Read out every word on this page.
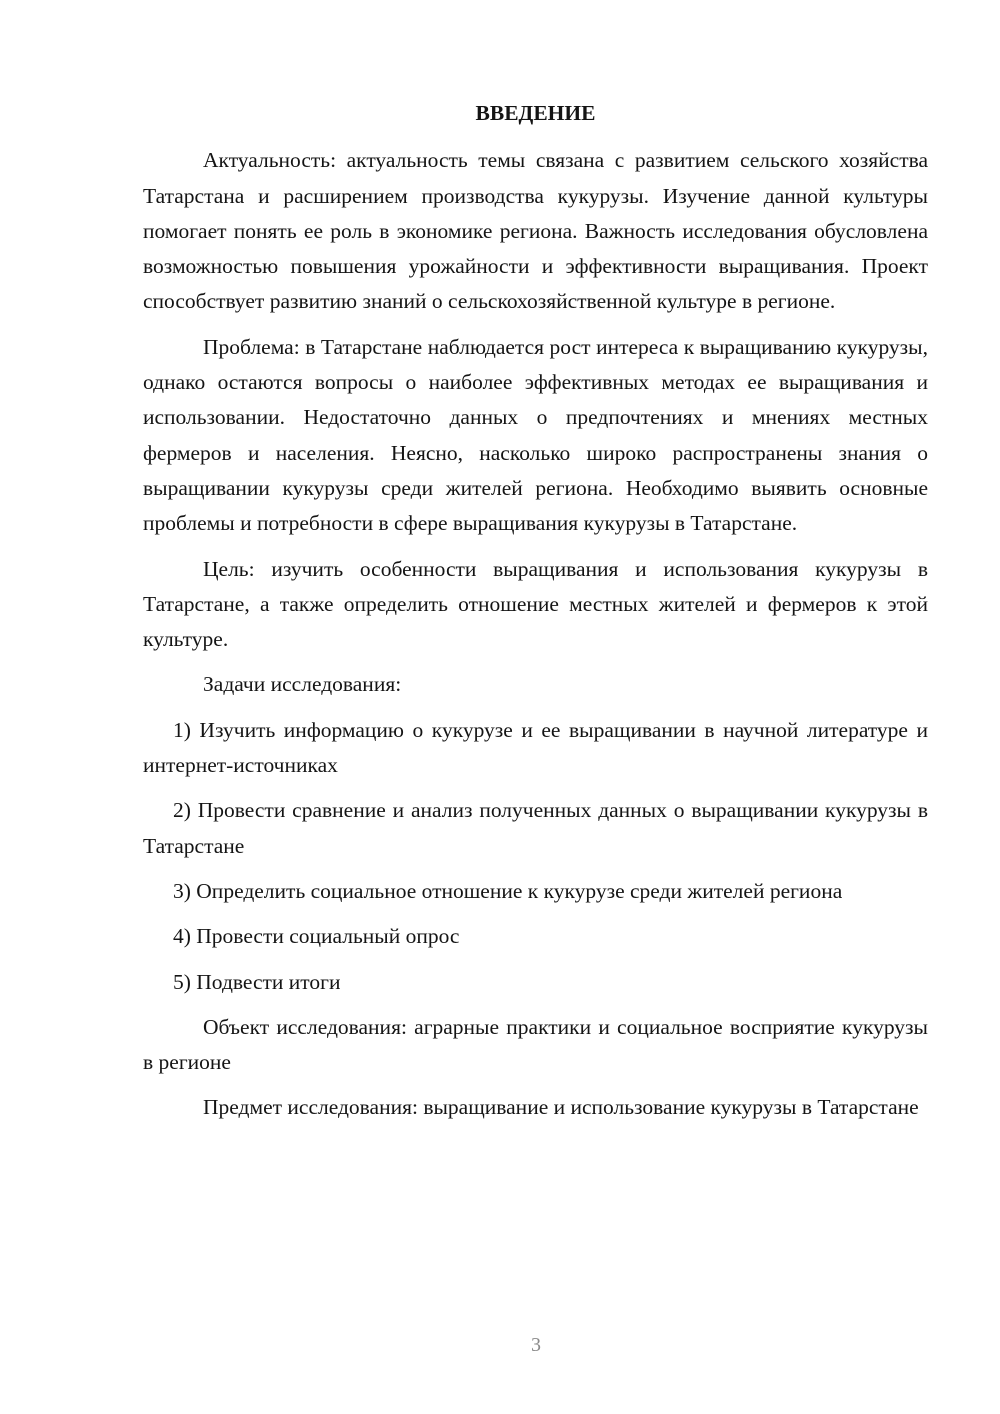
ВВЕДЕНИЕ

Актуальность: актуальность темы связана с развитием сельского хозяйства Татарстана и расширением производства кукурузы. Изучение данной культуры помогает понять ее роль в экономике региона. Важность исследования обусловлена возможностью повышения урожайности и эффективности выращивания. Проект способствует развитию знаний о сельскохозяйственной культуре в регионе.

Проблема: в Татарстане наблюдается рост интереса к выращиванию кукурузы, однако остаются вопросы о наиболее эффективных методах ее выращивания и использовании. Недостаточно данных о предпочтениях и мнениях местных фермеров и населения. Неясно, насколько широко распространены знания о выращивании кукурузы среди жителей региона. Необходимо выявить основные проблемы и потребности в сфере выращивания кукурузы в Татарстане.

Цель: изучить особенности выращивания и использования кукурузы в Татарстане, а также определить отношение местных жителей и фермеров к этой культуре.

Задачи исследования:

1) Изучить информацию о кукурузе и ее выращивании в научной литературе и интернет-источниках

2) Провести сравнение и анализ полученных данных о выращивании кукурузы в Татарстане

3) Определить социальное отношение к кукурузе среди жителей региона

4) Провести социальный опрос

5) Подвести итоги

Объект исследования: аграрные практики и социальное восприятие кукурузы в регионе

Предмет исследования: выращивание и использование кукурузы в Татарстане

3
